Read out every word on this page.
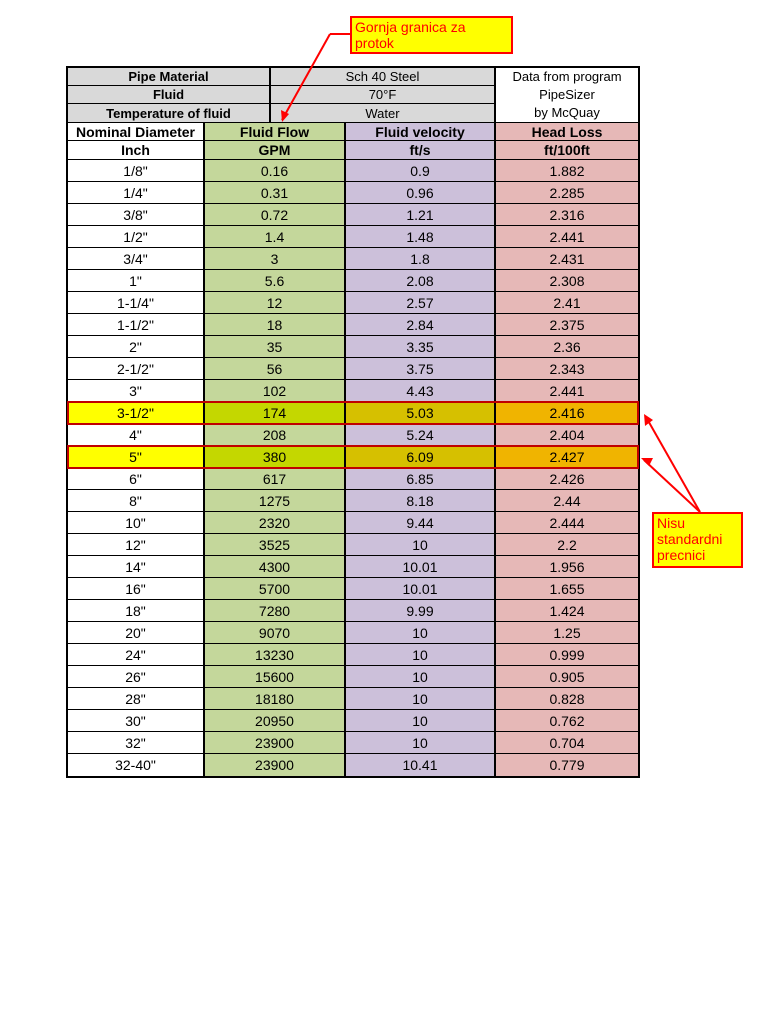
Gornja granica za protok
Nisu standardni precnici
Pipe Material	Sch 40 Steel
Fluid	70°F
Temperature of fluid	Water
Data from program
PipeSizer
by McQuay
Nominal Diameter	Fluid Flow	Fluid velocity	Head Loss
Inch	GPM	ft/s	ft/100ft
1/8"	0.16	0.9	1.882
1/4"	0.31	0.96	2.285
3/8"	0.72	1.21	2.316
1/2"	1.4	1.48	2.441
3/4"	3	1.8	2.431
1"	5.6	2.08	2.308
1-1/4"	12	2.57	2.41
1-1/2"	18	2.84	2.375
2"	35	3.35	2.36
2-1/2"	56	3.75	2.343
3"	102	4.43	2.441
3-1/2"	174	5.03	2.416
4"	208	5.24	2.404
5"	380	6.09	2.427
6"	617	6.85	2.426
8"	1275	8.18	2.44
10"	2320	9.44	2.444
12"	3525	10	2.2
14"	4300	10.01	1.956
16"	5700	10.01	1.655
18"	7280	9.99	1.424
20"	9070	10	1.25
24"	13230	10	0.999
26"	15600	10	0.905
28"	18180	10	0.828
30"	20950	10	0.762
32"	23900	10	0.704
32-40"	23900	10.41	0.779
